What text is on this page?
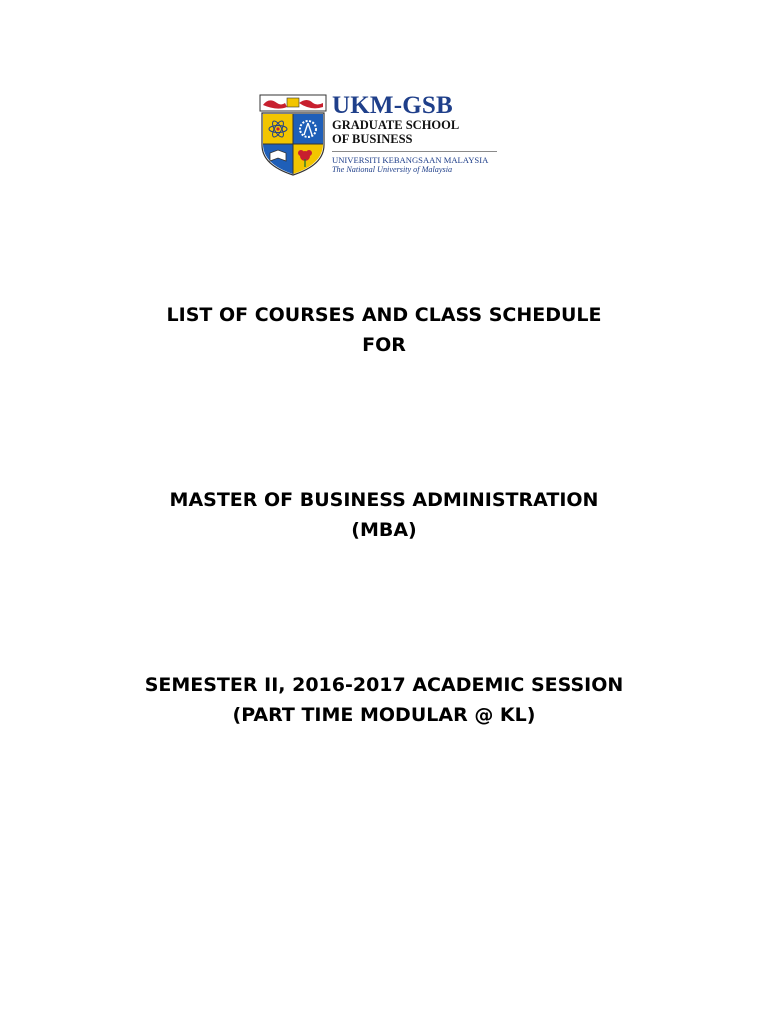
UKM-GSB
GRADUATE SCHOOL
OF BUSINESS
UNIVERSITI KEBANGSAAN MALAYSIA
The National University of Malaysia
LIST OF COURSES AND CLASS SCHEDULE
FOR
MASTER OF BUSINESS ADMINISTRATION
(MBA)
SEMESTER II, 2016-2017 ACADEMIC SESSION
(PART TIME MODULAR @ KL)
